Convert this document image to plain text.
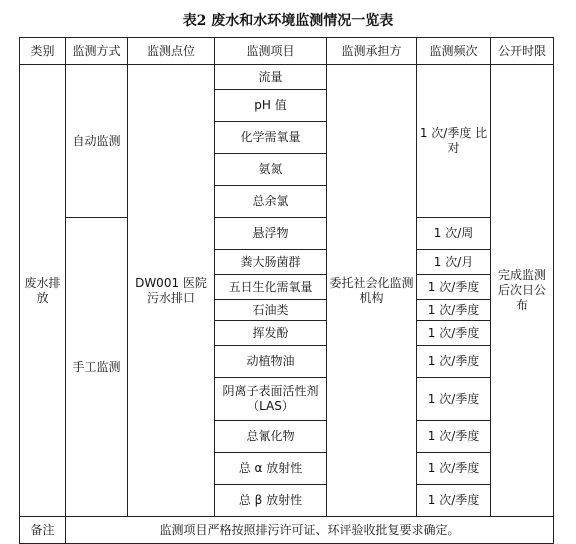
表2 废水和水环境监测情况一览表
类别	监测方式	监测点位	监测项目	监测承担方	监测频次	公开时限
废水排放	自动监测	DW001 医院污水排口	流量	委托社会化监测机构	1 次/季度 比对	完成监测后次日公布
			pH 值			
			化学需氧量			
			氨氮			
			总余氯			
	手工监测		悬浮物		1 次/周	
			粪大肠菌群		1 次/月	
			五日生化需氧量		1 次/季度	
			石油类		1 次/季度	
			挥发酚		1 次/季度	
			动植物油		1 次/季度	
			阴离子表面活性剂（LAS）		1 次/季度	
			总氰化物		1 次/季度	
			总 α 放射性		1 次/季度	
			总 β 放射性		1 次/季度	
备注	监测项目严格按照排污许可证、环评验收批复要求确定。					
